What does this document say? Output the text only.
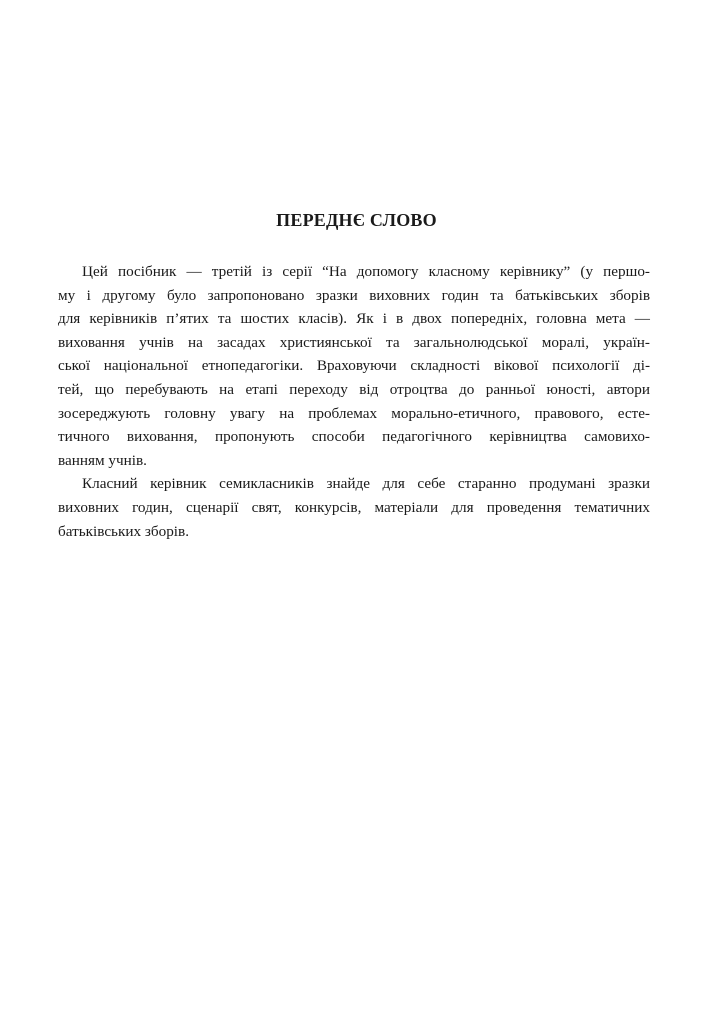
ПЕРЕДНЄ СЛОВО
Цей посібник — третій із серії “На допомогу класному керівнику” (у першо-
му і другому було запропоновано зразки виховних годин та батьківських зборів
для керівників п’ятих та шостих класів). Як і в двох попередніх, головна мета —
виховання учнів на засадах християнської та загальнолюдської моралі, україн-
ської національної етнопедагогіки. Враховуючи складності вікової психології ді-
тей, що перебувають на етапі переходу від отроцтва до ранньої юності, автори
зосереджують головну увагу на проблемах морально-етичного, правового, есте-
тичного виховання, пропонують способи педагогічного керівництва самовихо-
ванням учнів.
Класний керівник семикласників знайде для себе старанно продумані зразки
виховних годин, сценарії свят, конкурсів, матеріали для проведення тематичних
батьківських зборів.
